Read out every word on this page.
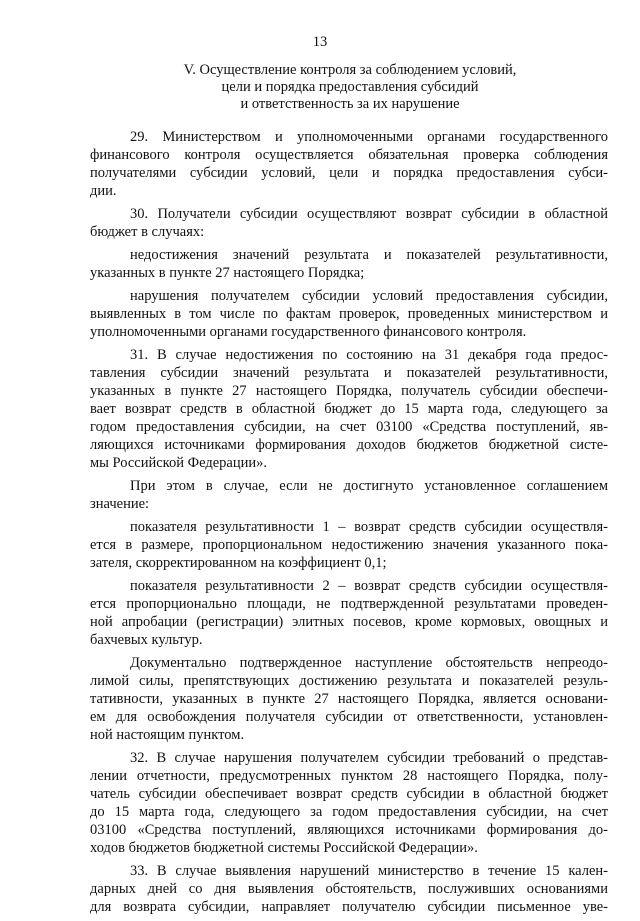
13
V. Осуществление контроля за соблюдением условий,
цели и порядка предоставления субсидий
и ответственность за их нарушение
29. Министерством и уполномоченными органами государственного
финансового контроля осуществляется обязательная проверка соблюдения
получателями субсидии условий, цели и порядка предоставления субси-
дии.
30. Получатели субсидии осуществляют возврат субсидии в областной
бюджет в случаях:
недостижения значений результата и показателей результативности,
указанных в пункте 27 настоящего Порядка;
нарушения получателем субсидии условий предоставления субсидии,
выявленных в том числе по фактам проверок, проведенных министерством и
уполномоченными органами государственного финансового контроля.
31. В случае недостижения по состоянию на 31 декабря года предос-
тавления субсидии значений результата и показателей результативности,
указанных в пункте 27 настоящего Порядка, получатель субсидии обеспечи-
вает возврат средств в областной бюджет до 15 марта года, следующего за
годом предоставления субсидии, на счет 03100 «Средства поступлений, яв-
ляющихся источниками формирования доходов бюджетов бюджетной систе-
мы Российской Федерации».
При этом в случае, если не достигнуто установленное соглашением
значение:
показателя результативности 1 – возврат средств субсидии осуществля-
ется в размере, пропорциональном недостижению значения указанного пока-
зателя, скорректированном на коэффициент 0,1;
показателя результативности 2 – возврат средств субсидии осуществля-
ется пропорционально площади, не подтвержденной результатами проведен-
ной апробации (регистрации) элитных посевов, кроме кормовых, овощных и
бахчевых культур.
Документально подтвержденное наступление обстоятельств непреодо-
лимой силы, препятствующих достижению результата и показателей резуль-
тативности, указанных в пункте 27 настоящего Порядка, является основани-
ем для освобождения получателя субсидии от ответственности, установлен-
ной настоящим пунктом.
32. В случае нарушения получателем субсидии требований о представ-
лении отчетности, предусмотренных пунктом 28 настоящего Порядка, полу-
чатель субсидии обеспечивает возврат средств субсидии в областной бюджет
до 15 марта года, следующего за годом предоставления субсидии, на счет
03100 «Средства поступлений, являющихся источниками формирования до-
ходов бюджетов бюджетной системы Российской Федерации».
33. В случае выявления нарушений министерство в течение 15 кален-
дарных дней со дня выявления обстоятельств, послуживших основаниями
для возврата субсидии, направляет получателю субсидии письменное уве-
